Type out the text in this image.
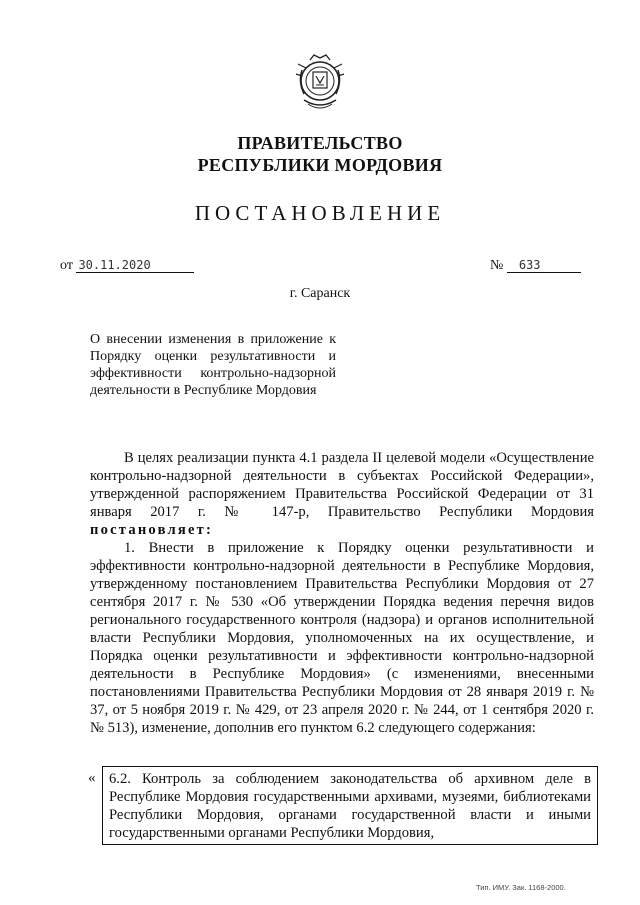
ПРАВИТЕЛЬСТВО
РЕСПУБЛИКИ МОРДОВИЯ
ПОСТАНОВЛЕНИЕ
от 30.11.2020	№ 633
г. Саранск
О внесении изменения в приложение к Порядку оценки результативности и эффективности контрольно-надзорной деятельности в Республике Мордовия

В целях реализации пункта 4.1 раздела II целевой модели «Осуществление контрольно-надзорной деятельности в субъектах Российской Федерации», утвержденной распоряжением Правительства Российской Федерации от 31 января 2017 г. № 147-р, Правительство Республики Мордовия постановляет:

1. Внести в приложение к Порядку оценки результативности и эффективности контрольно-надзорной деятельности в Республике Мордовия, утвержденному постановлением Правительства Республики Мордовия от 27 сентября 2017 г. № 530 «Об утверждении Порядка ведения перечня видов регионального государственного контроля (надзора) и органов исполнительной власти Республики Мордовия, уполномоченных на их осуществление, и Порядка оценки результативности и эффективности контрольно-надзорной деятельности в Республике Мордовия» (с изменениями, внесенными постановлениями Правительства Республики Мордовия от 28 января 2019 г. № 37, от 5 ноября 2019 г. № 429, от 23 апреля 2020 г. № 244, от 1 сентября 2020 г. № 513), изменение, дополнив его пунктом 6.2 следующего содержания:

« 6.2. Контроль за соблюдением законодательства об архивном деле в Республике Мордовия государственными архивами, музеями, библиотеками Республики Мордовия, органами государственной власти и иными государственными органами Республики Мордовия,

Тип. ИМУ. Зак. 1168-2000.
